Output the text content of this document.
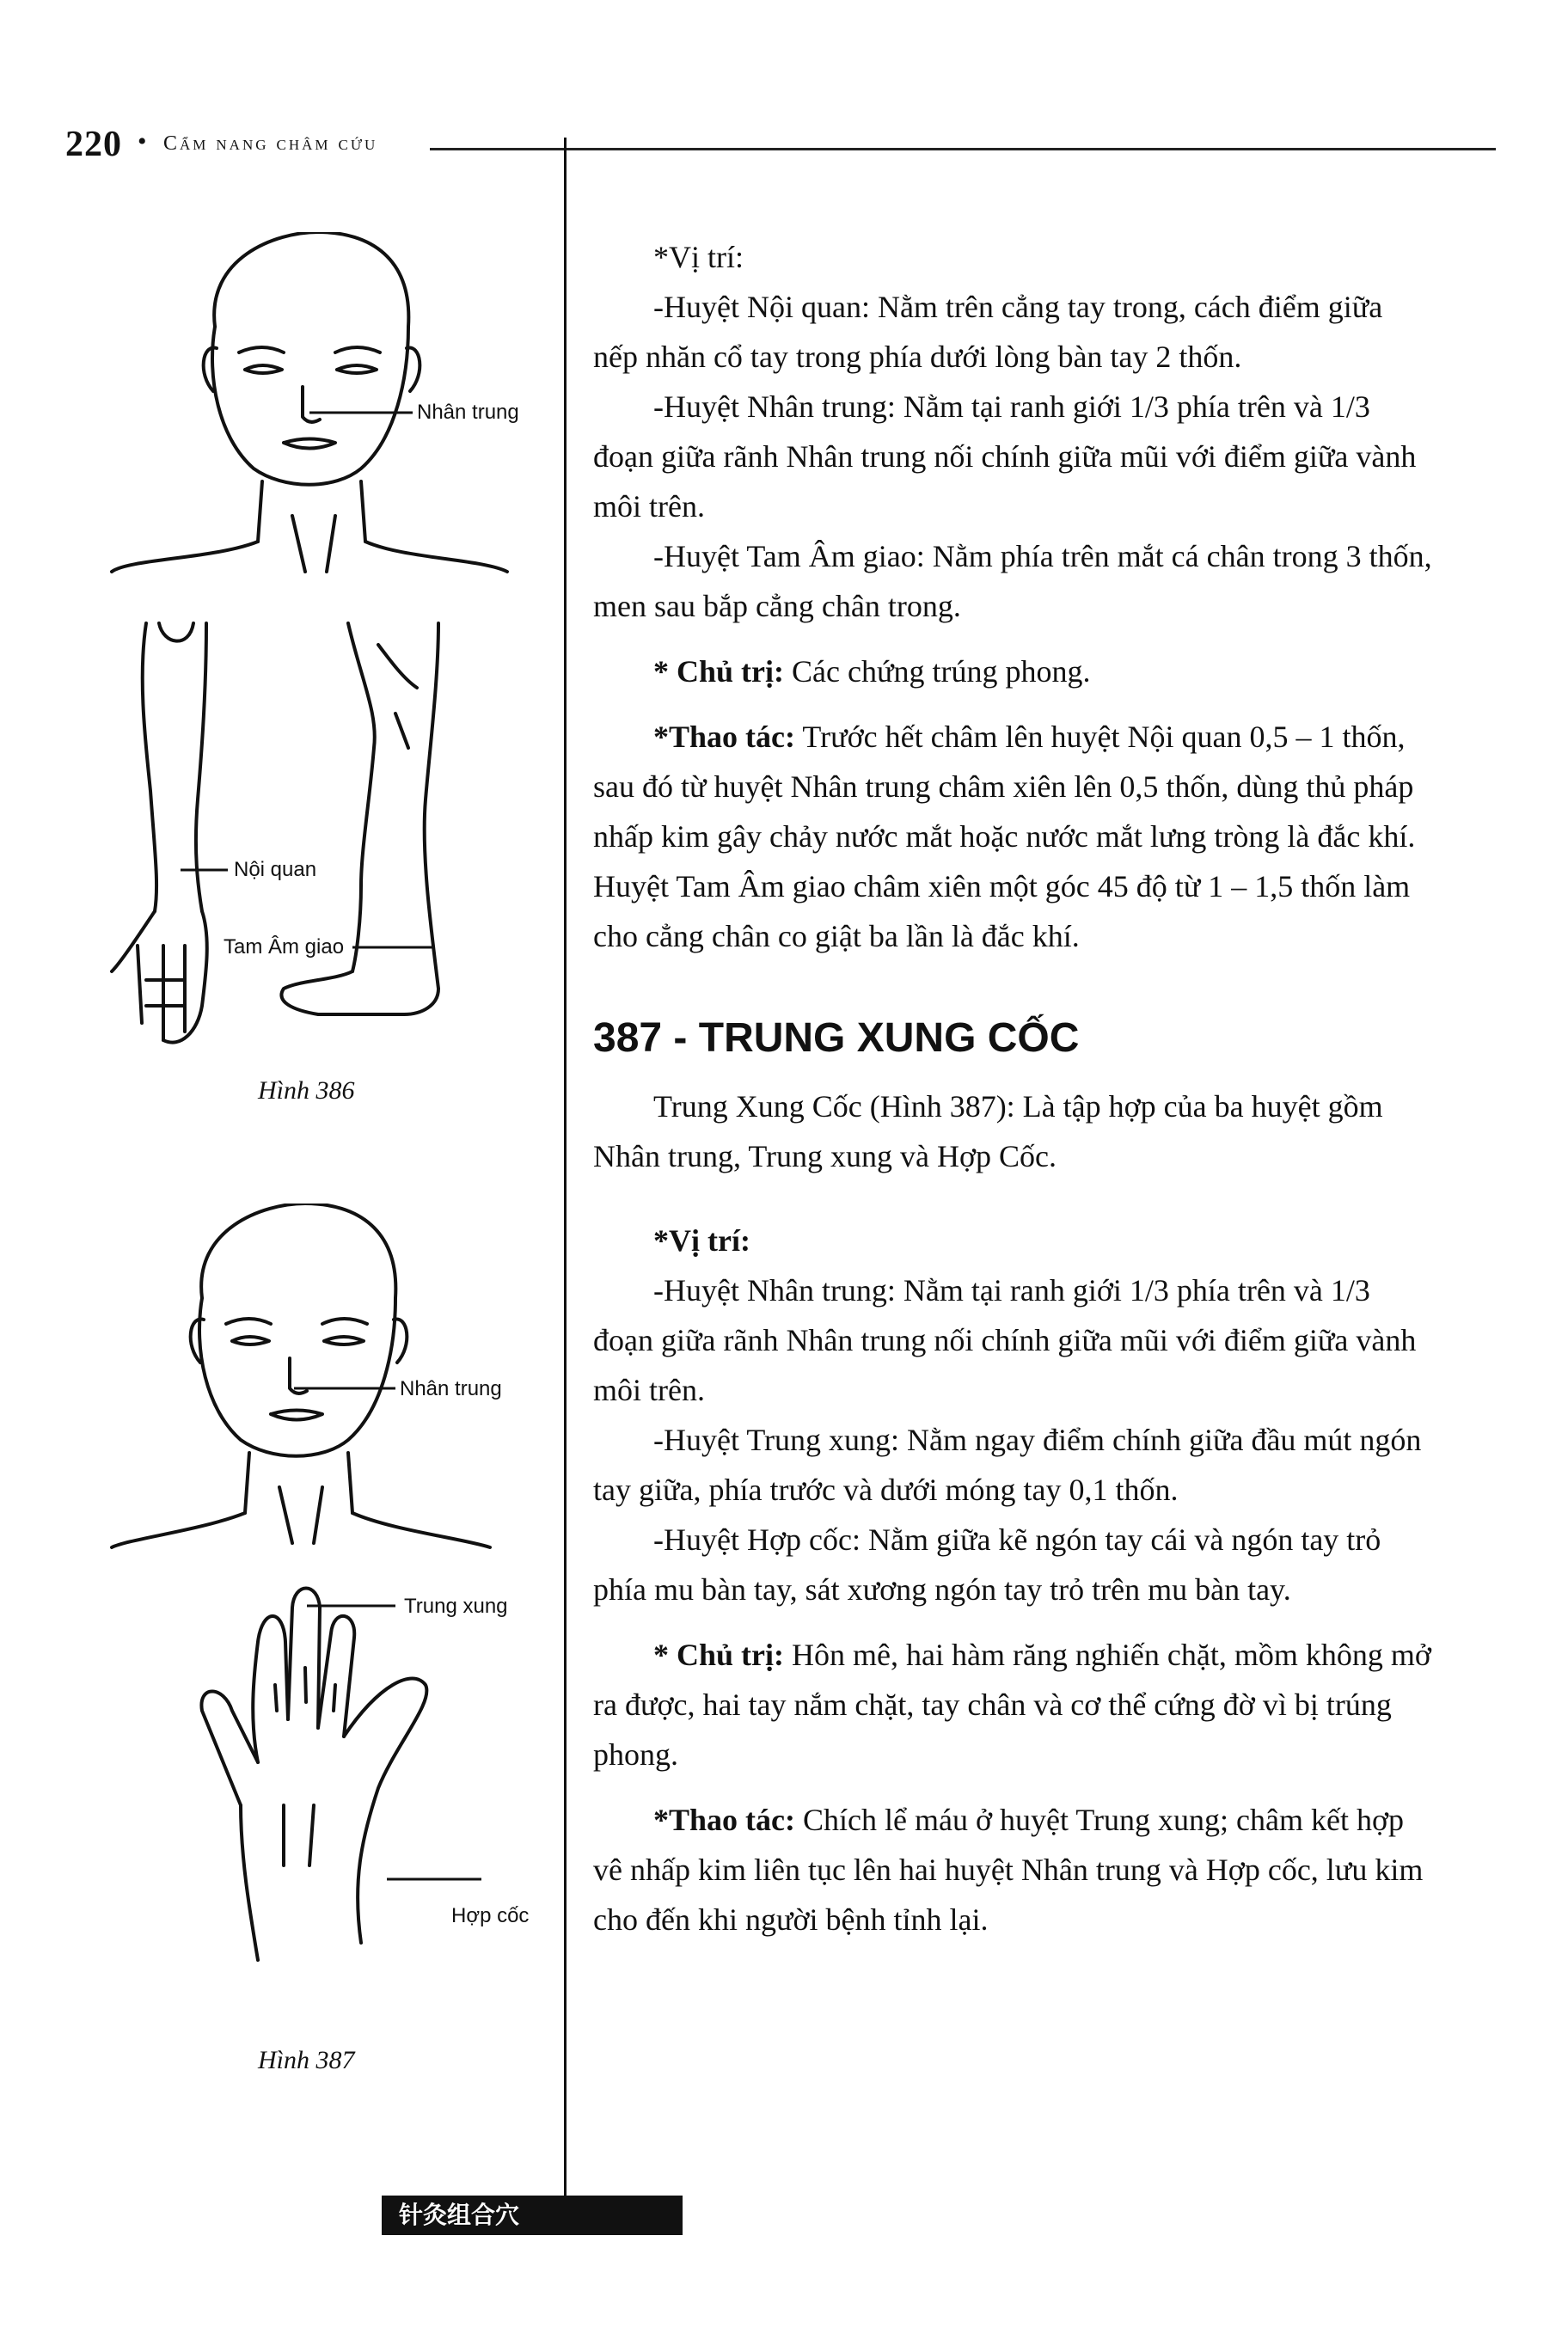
220 • Cẩm nang châm cứu
Nhân trung
Nội quan
Tam Âm giao
Hình 386
Nhân trung
Trung xung
Hợp cốc
Hình 387

*Vị trí:

-Huyệt Nội quan: Nằm trên cẳng tay trong, cách điểm giữa nếp nhăn cổ tay trong phía dưới lòng bàn tay 2 thốn.

-Huyệt Nhân trung: Nằm tại ranh giới 1/3 phía trên và 1/3 đoạn giữa rãnh Nhân trung nối chính giữa mũi với điểm giữa vành môi trên.

-Huyệt Tam Âm giao: Nằm phía trên mắt cá chân trong 3 thốn, men sau bắp cẳng chân trong.

* Chủ trị: Các chứng trúng phong.

*Thao tác: Trước hết châm lên huyệt Nội quan 0,5 – 1 thốn, sau đó từ huyệt Nhân trung châm xiên lên 0,5 thốn, dùng thủ pháp nhấp kim gây chảy nước mắt hoặc nước mắt lưng tròng là đắc khí. Huyệt Tam Âm giao châm xiên một góc 45 độ từ 1 – 1,5 thốn làm cho cẳng chân co giật ba lần là đắc khí.

387 - TRUNG XUNG CỐC

Trung Xung Cốc (Hình 387): Là tập hợp của ba huyệt gồm Nhân trung, Trung xung và Hợp Cốc.

*Vị trí:

-Huyệt Nhân trung: Nằm tại ranh giới 1/3 phía trên và 1/3 đoạn giữa rãnh Nhân trung nối chính giữa mũi với điểm giữa vành môi trên.

-Huyệt Trung xung: Nằm ngay điểm chính giữa đầu mút ngón tay giữa, phía trước và dưới móng tay 0,1 thốn.

-Huyệt Hợp cốc: Nằm giữa kẽ ngón tay cái và ngón tay trỏ phía mu bàn tay, sát xương ngón tay trỏ trên mu bàn tay.

* Chủ trị: Hôn mê, hai hàm răng nghiến chặt, mồm không mở ra được, hai tay nắm chặt, tay chân và cơ thể cứng đờ vì bị trúng phong.

*Thao tác: Chích lể máu ở huyệt Trung xung; châm kết hợp vê nhấp kim liên tục lên hai huyệt Nhân trung và Hợp cốc, lưu kim cho đến khi người bệnh tỉnh lại.

针灸组合穴
